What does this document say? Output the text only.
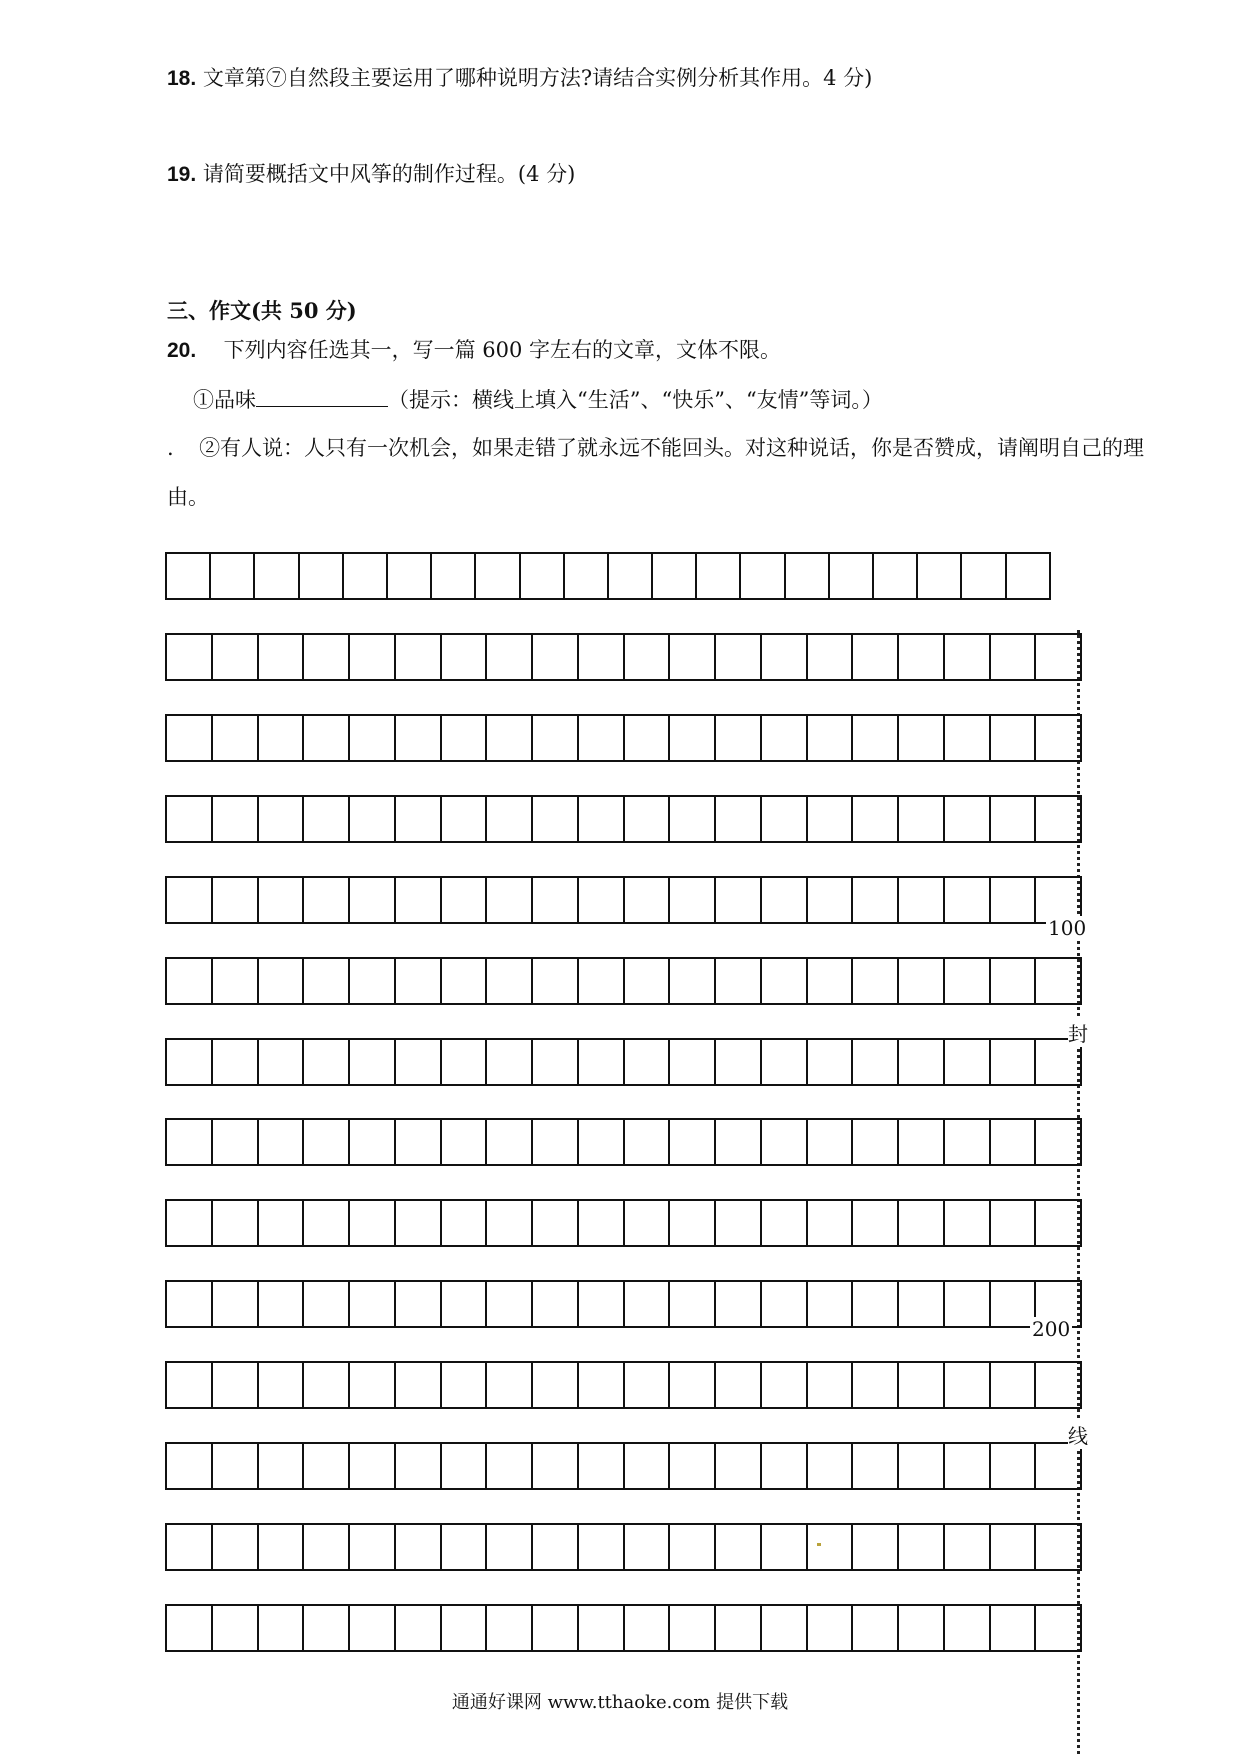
18. 文章第⑦自然段主要运用了哪种说明方法?请结合实例分析其作用。4 分)
19. 请简要概括文中风筝的制作过程。(4 分)
三、作文(共 50 分)
20. 下列内容任选其一，写一篇 600 字左右的文章，文体不限。
①品味	（提示：横线上填入“生活”、“快乐”、“友情”等词。）
. ②有人说：人只有一次机会，如果走错了就永远不能回头。对这种说话，你是否赞成，请阐明自己的理
由。
100
200
封
线
通通好课网 www.tthaoke.com 提供下载
